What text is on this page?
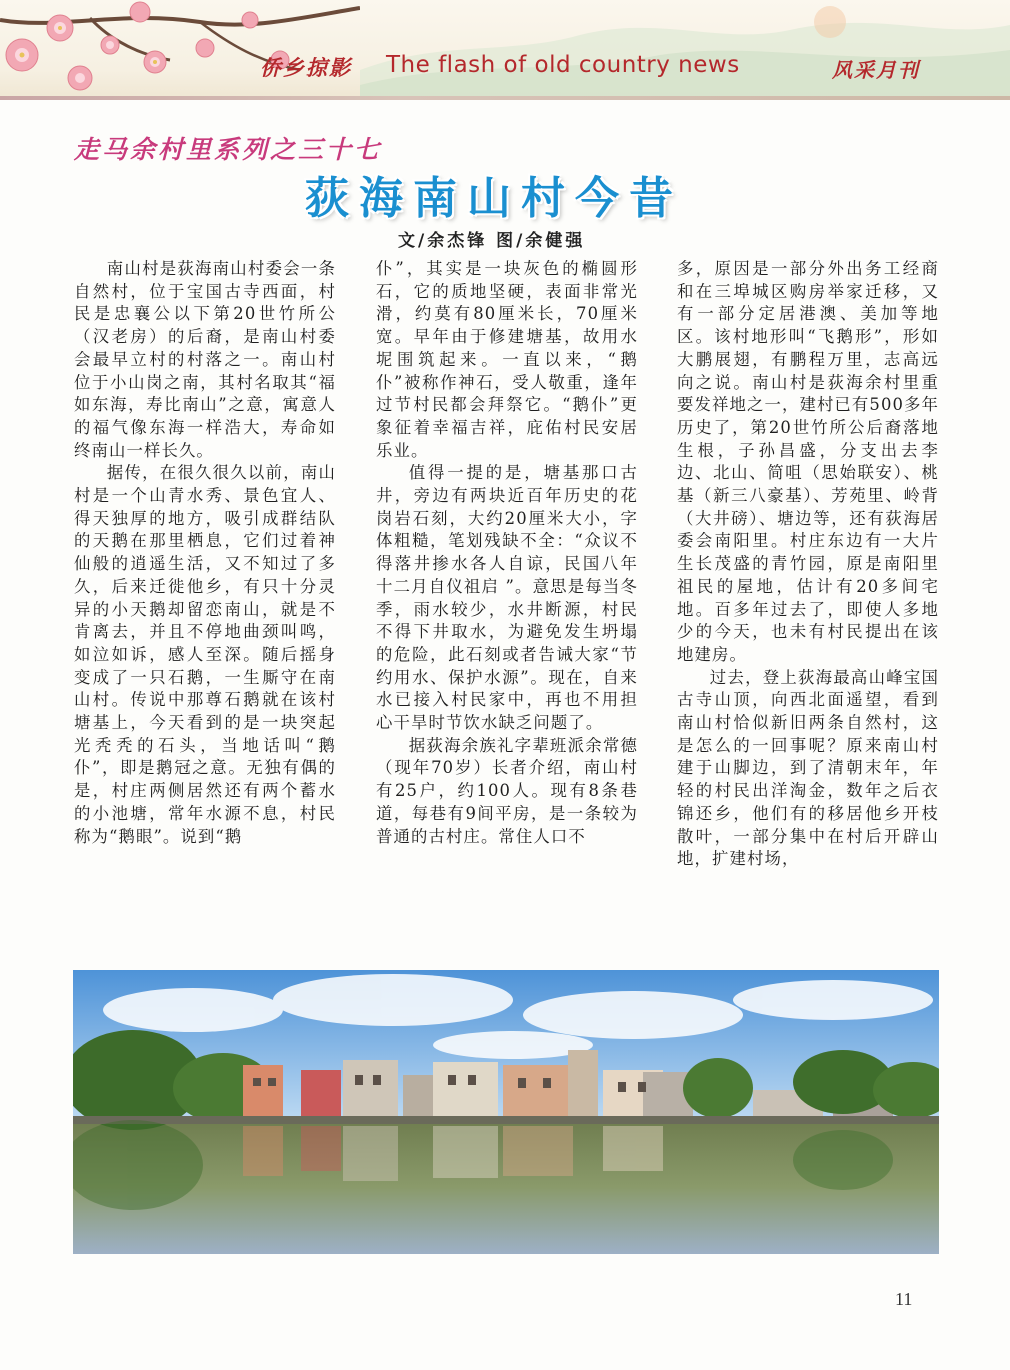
侨乡掠影 The flash of old country news	风采月刊
走马余村里系列之三十七
荻海南山村今昔
文/余杰锋 图/余健强

南山村是荻海南山村委会一条自然村，位于宝国古寺西面，村民是忠襄公以下第20世竹所公（汉老房）的后裔，是南山村委会最早立村的村落之一。南山村位于小山岗之南，其村名取其“福如东海，寿比南山”之意，寓意人的福气像东海一样浩大，寿命如终南山一样长久。

据传，在很久很久以前，南山村是一个山青水秀、景色宜人、得天独厚的地方，吸引成群结队的天鹅在那里栖息，它们过着神仙般的逍遥生活，又不知过了多久，后来迁徙他乡，有只十分灵异的小天鹅却留恋南山，就是不肯离去，并且不停地曲颈叫鸣，如泣如诉，感人至深。随后摇身变成了一只石鹅，一生厮守在南山村。传说中那尊石鹅就在该村塘基上，今天看到的是一块突起光秃秃的石头，当地话叫“鹅仆”，即是鹅冠之意。无独有偶的是，村庄两侧居然还有两个蓄水的小池塘，常年水源不息，村民称为“鹅眼”。说到“鹅

仆”，其实是一块灰色的椭圆形石，它的质地坚硬，表面非常光滑，约莫有80厘米长，70厘米宽。早年由于修建塘基，故用水坭围筑起来。一直以来，“鹅仆”被称作神石，受人敬重，逢年过节村民都会拜祭它。“鹅仆”更象征着幸福吉祥，庇佑村民安居乐业。

值得一提的是，塘基那口古井，旁边有两块近百年历史的花岗岩石刻，大约20厘米大小，字体粗糙，笔划残缺不全：“众议不得落井掺水各人自谅，民国八年十二月自仪祖启 ”。意思是每当冬季，雨水较少，水井断源，村民不得下井取水，为避免发生坍塌的危险，此石刻或者告诫大家“节约用水、保护水源”。现在，自来水已接入村民家中，再也不用担心干旱时节饮水缺乏问题了。

据荻海余族礼字辈班派余常德（现年70岁）长者介绍，南山村有25户，约100人。现有8条巷道，每巷有9间平房，是一条较为普通的古村庄。常住人口不

多，原因是一部分外出务工经商和在三埠城区购房举家迁移，又有一部分定居港澳、美加等地区。该村地形叫“飞鹅形”，形如大鹏展翅，有鹏程万里，志高远向之说。南山村是荻海余村里重要发祥地之一，建村已有500多年历史了，第20世竹所公后裔落地生根，子孙昌盛，分支出去李边、北山、简咀（思始联安）、桃基（新三八豪基）、芳苑里、岭背（大井磅）、塘边等，还有荻海居委会南阳里。村庄东边有一大片生长茂盛的青竹园，原是南阳里祖民的屋地，估计有20多间宅地。百多年过去了，即使人多地少的今天，也未有村民提出在该地建房。

过去，登上荻海最高山峰宝国古寺山顶，向西北面遥望，看到南山村恰似新旧两条自然村，这是怎么的一回事呢？原来南山村建于山脚边，到了清朝末年，年轻的村民出洋淘金，数年之后衣锦还乡，他们有的移居他乡开枝散叶，一部分集中在村后开辟山地，扩建村场，

11
